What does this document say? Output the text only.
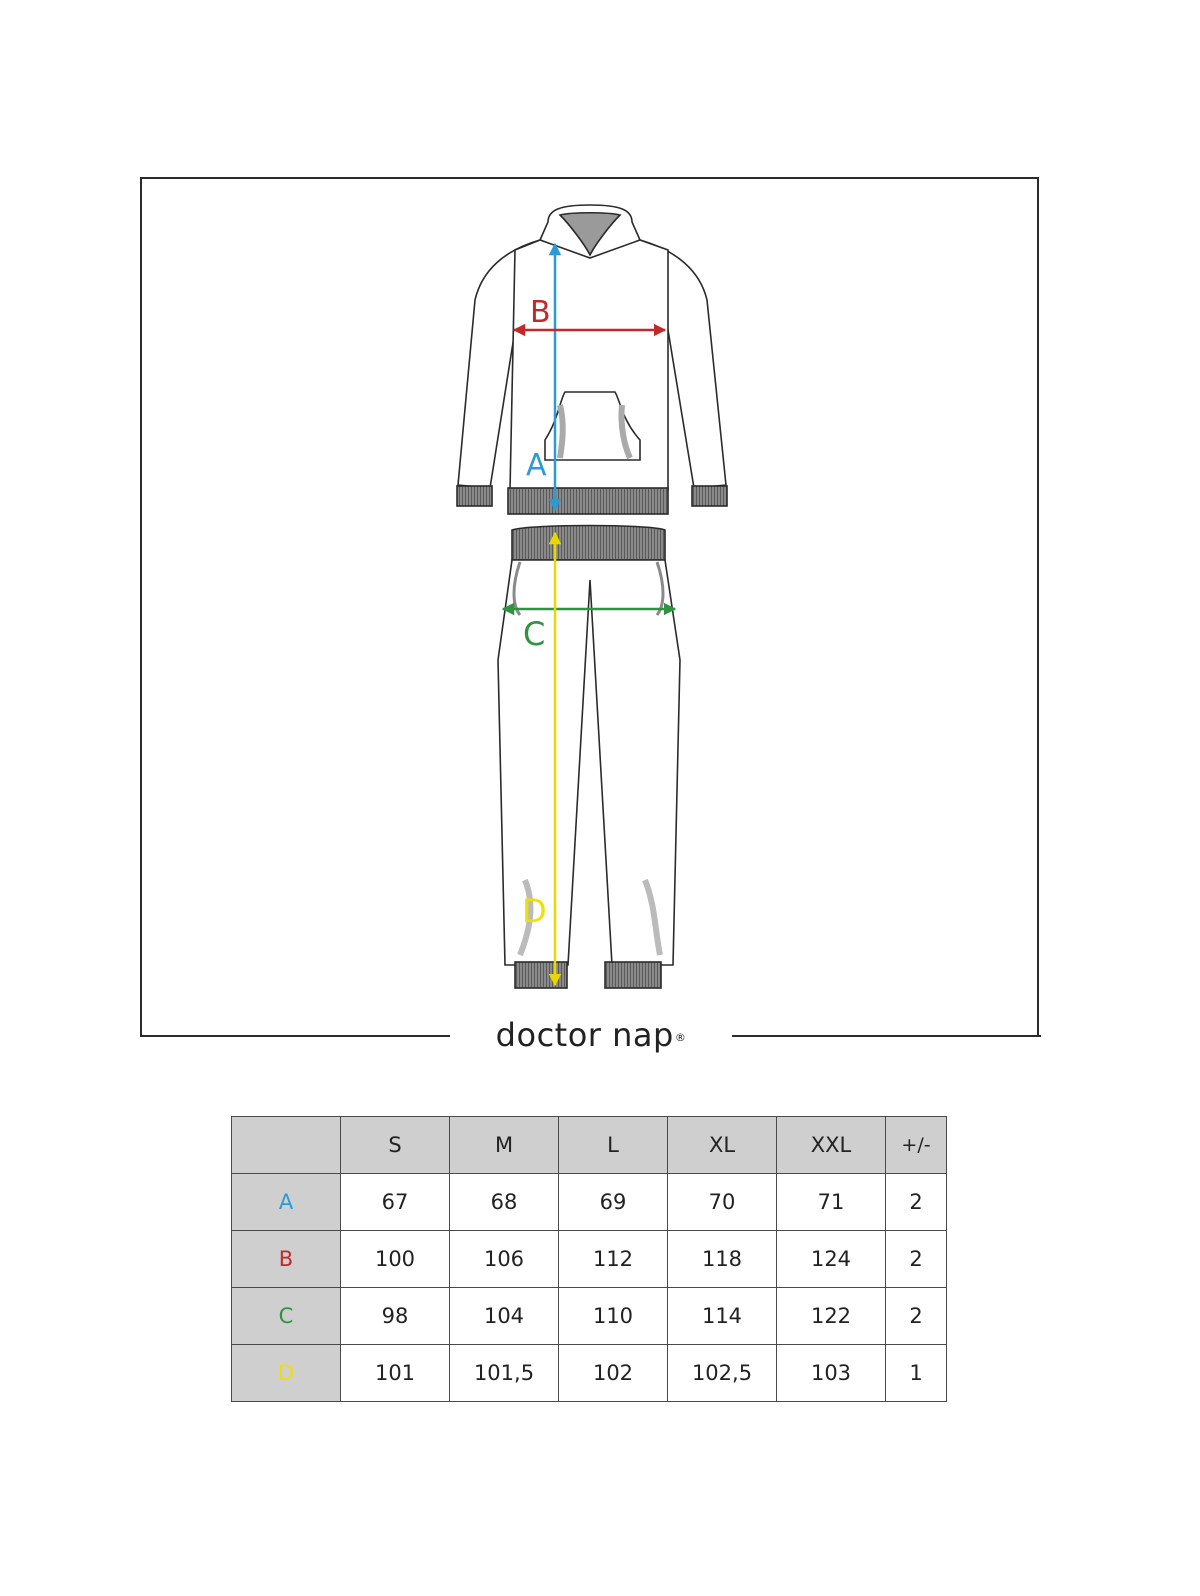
doctor nap®
B
A
C
D
	S	M	L	XL	XXL	+/-
A	67	68	69	70	71	2
B	100	106	112	118	124	2
C	98	104	110	114	122	2
D	101	101,5	102	102,5	103	1
